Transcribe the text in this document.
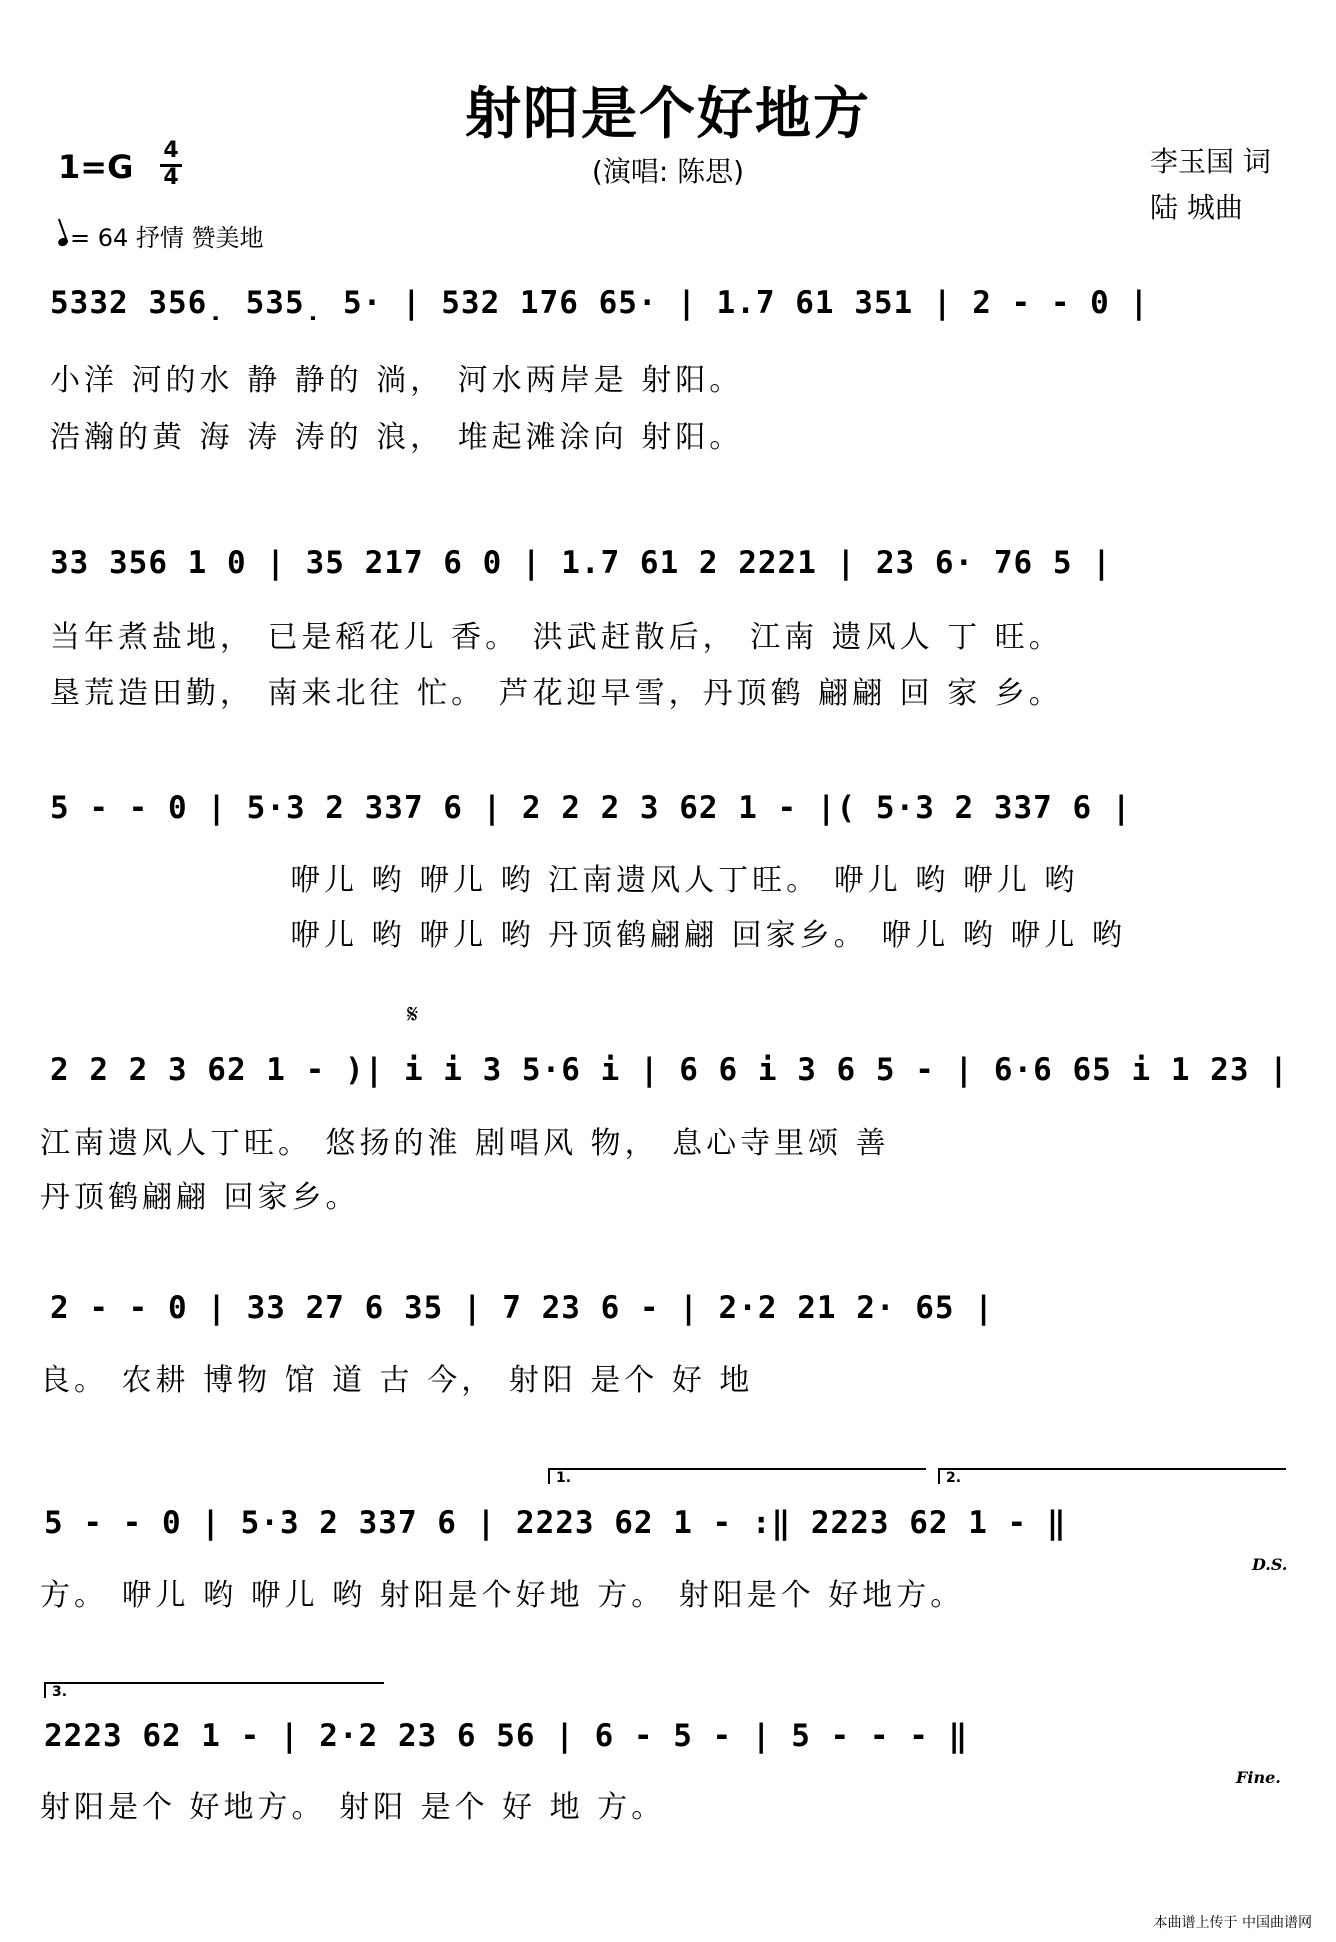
射阳是个好地方
(演唱: 陈思)
1=G 4
4
= 64 抒情 赞美地
李玉国 词
陆 城曲
5332 356̣ 535̣ 5· | 532 176 65· | 1.7 61 351 | 2 - - 0 |
小洋 河的水 静 静的 淌， 河水两岸是 射阳。
浩瀚的黄 海 涛 涛的 浪， 堆起滩涂向 射阳。
33 356 1 0 | 35 217 6 0 | 1.7 61 2 2221 | 23 6· 76 5 |
当年煮盐地， 已是稻花儿 香。 洪武赶散后， 江南 遗风人 丁 旺。
垦荒造田勤， 南来北往 忙。 芦花迎早雪，丹顶鹤 翩翩 回 家 乡。
5 - - 0 | 5·3 2 337 6 | 2 2 2 3 62 1 - |( 5·3 2 337 6 |
咿儿 哟 咿儿 哟 江南遗风人丁旺。 咿儿 哟 咿儿 哟
咿儿 哟 咿儿 哟 丹顶鹤翩翩 回家乡。 咿儿 哟 咿儿 哟
𝄋
2 2 2 3 62 1 - )| i i 3 5·6 i | 6 6 i 3 6 5 - | 6·6 65 i 1 23 |
江南遗风人丁旺。 悠扬的淮 剧唱风 物， 息心寺里颂 善
丹顶鹤翩翩 回家乡。
2 - - 0 | 33 27 6 35 | 7 23 6 - | 2·2 21 2· 65 |
良。 农耕 博物 馆 道 古 今， 射阳 是个 好 地
1.	2.
5 - - 0 | 5·3 2 337 6 | 2223 62 1 - :‖ 2223 62 1 - ‖
方。 咿儿 哟 咿儿 哟 射阳是个好地 方。 射阳是个 好地方。
D.S.
3.
2223 62 1 - | 2·2 23 6 56 | 6 - 5 - | 5 - - - ‖
射阳是个 好地方。 射阳 是个 好 地 方。
Fine.
本曲谱上传于 中国曲谱网
